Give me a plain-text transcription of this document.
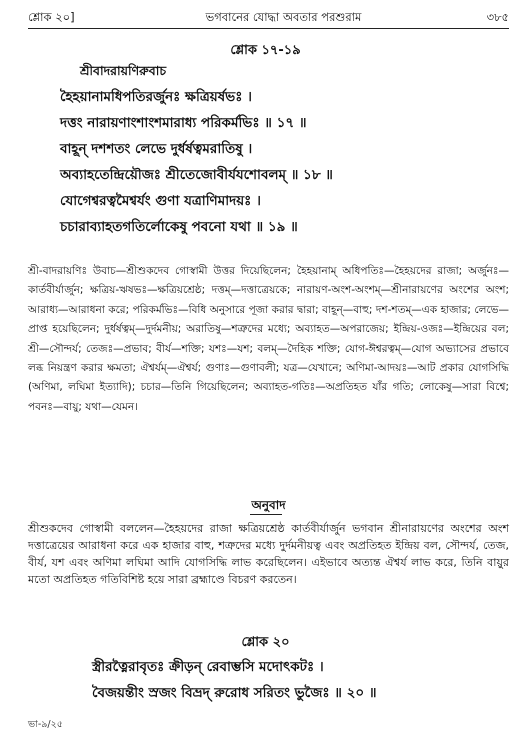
শ্লোক ২০]	ভগবানের যোদ্ধা অবতার পরশুরাম	৩৮৫
শ্লোক ১৭-১৯
শ্রীবাদরায়ণিরুবাচ
হৈহয়ানামধিপতিরর্জুনঃ ক্ষত্রিয়র্ষভঃ ।
দত্তং নারায়ণাংশাংশমারাধ্য পরিকর্মভিঃ ॥ ১৭ ॥
বাহূন্ দশশতং লেভে দুর্ধর্ষত্বমরাতিষু ।
অব্যাহতেন্দ্রিয়ৌজঃ শ্রীতেজোবীর্যযশোবলম্ ॥ ১৮ ॥
যোগেশ্বরত্বমৈশ্বর্যং গুণা যত্রাণিমাদয়ঃ ।
চচারাব্যাহতগতির্লোকেষু পবনো যথা ॥ ১৯ ॥
শ্রী-বাদরায়ণিঃ উবাচ—শ্রীশুকদেব গোস্বামী উত্তর দিয়েছিলেন; হৈহয়ানাম্ অধিপতিঃ—হৈহয়দের রাজা; অর্জুনঃ—কার্তবীর্যার্জুন; ক্ষত্রিয়-ঋষভঃ—ক্ষত্রিয়শ্রেষ্ঠ; দত্তম্—দত্তাত্রেয়কে; নারায়ণ-অংশ-অংশম্—শ্রীনারায়ণের অংশের অংশ; আরাধ্য—আরাধনা করে; পরিকর্মভিঃ—বিধি অনুসারে পূজা করার দ্বারা; বাহূন্—বাহু; দশ-শতম্—এক হাজার; লেভে—প্রাপ্ত হয়েছিলেন; দুর্ধর্ষত্বম্—দুর্দমনীয়; অরাতিষু—শত্রুদের মধ্যে; অব্যাহত—অপরাজেয়; ইন্দ্রিয়-ওজঃ—ইন্দ্রিয়ের বল; শ্রী—সৌন্দর্য; তেজঃ—প্রভাব; বীর্য—শক্তি; যশঃ—যশ; বলম্—দৈহিক শক্তি; যোগ-ঈশ্বরত্বম্—যোগ অভ্যাসের প্রভাবে লব্ধ নিয়ন্ত্রণ করার ক্ষমতা; ঐশ্বর্যম্—ঐশ্বর্য; গুণাঃ—গুণাবলী; যত্র—যেখানে; অণিমা-আদয়ঃ—আট প্রকার যোগসিদ্ধি (অণিমা, লঘিমা ইত্যাদি); চচার—তিনি গিয়েছিলেন; অব্যাহত-গতিঃ—অপ্রতিহত যাঁর গতি; লোকেষু—সারা বিশ্বে; পবনঃ—বায়ু; যথা—যেমন।
অনুবাদ
শ্রীশুকদেব গোস্বামী বললেন—হৈহয়দের রাজা ক্ষত্রিয়শ্রেষ্ঠ কার্তবীর্যার্জুন ভগবান শ্রীনারায়ণের অংশের অংশ দত্তাত্রেয়ের আরাধনা করে এক হাজার বাহু, শত্রুদের মধ্যে দুর্দমনীয়ত্ব এবং অপ্রতিহত ইন্দ্রিয় বল, সৌন্দর্য, তেজ, বীর্য, যশ এবং অণিমা লঘিমা আদি যোগসিদ্ধি লাভ করেছিলেন। এইভাবে অত্যন্ত ঐশ্বর্য লাভ করে, তিনি বায়ুর মতো অপ্রতিহত গতিবিশিষ্ট হয়ে সারা ব্রহ্মাণ্ডে বিচরণ করতেন।
শ্লোক ২০
স্ত্রীরত্নৈরাবৃতঃ ক্রীড়ন্ রেবাম্ভসি মদোৎকটঃ ।
বৈজয়ন্তীং স্রজং বিভ্রদ্ রুরোধ সরিতং ভুজৈঃ ॥ ২০ ॥
ভা-৯/২৫
